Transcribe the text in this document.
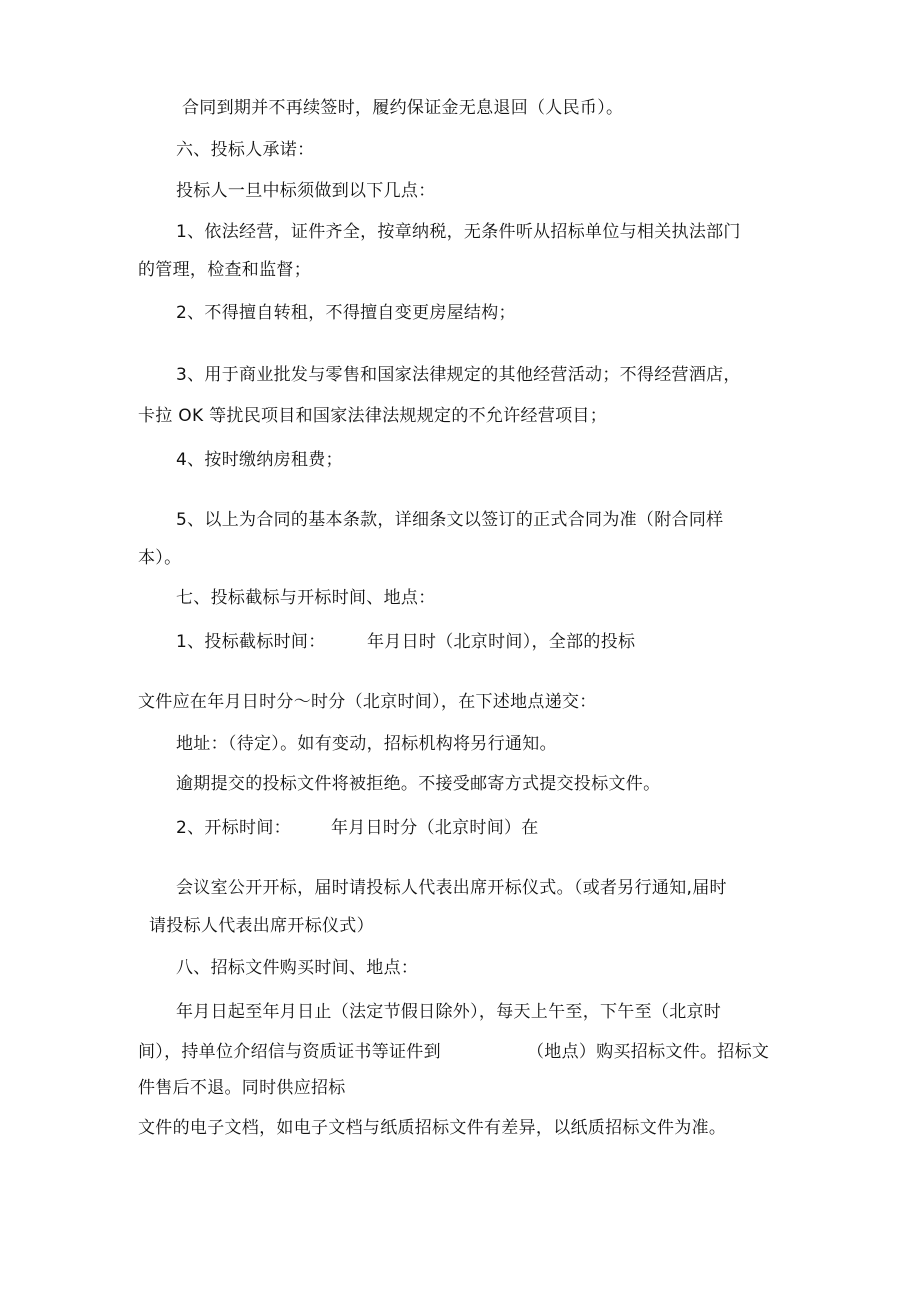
合同到期并不再续签时，履约保证金无息退回（人民币）。
六、投标人承诺：
投标人一旦中标须做到以下几点：
1、依法经营，证件齐全，按章纳税，无条件听从招标单位与相关执法部门
的管理，检查和监督；
2、不得擅自转租，不得擅自变更房屋结构；
3、用于商业批发与零售和国家法律规定的其他经营活动；不得经营酒店，
卡拉 OK 等扰民项目和国家法律法规规定的不允许经营项目；
4、按时缴纳房租费；
5、以上为合同的基本条款，详细条文以签订的正式合同为准（附合同样
本）。
七、投标截标与开标时间、地点：
1、投标截标时间： 年月日时（北京时间），全部的投标
文件应在年月日时分～时分（北京时间），在下述地点递交：
地址：（待定）。如有变动，招标机构将另行通知。
逾期提交的投标文件将被拒绝。不接受邮寄方式提交投标文件。
2、开标时间： 年月日时分（北京时间）在
会议室公开开标，届时请投标人代表出席开标仪式。（或者另行通知,届时
请投标人代表出席开标仪式）
八、招标文件购买时间、地点：
年月日起至年月日止（法定节假日除外），每天上午至，下午至（北京时
间），持单位介绍信与资质证书等证件到	（地点）购买招标文件。招标文
件售后不退。同时供应招标
文件的电子文档，如电子文档与纸质招标文件有差异，以纸质招标文件为准。
